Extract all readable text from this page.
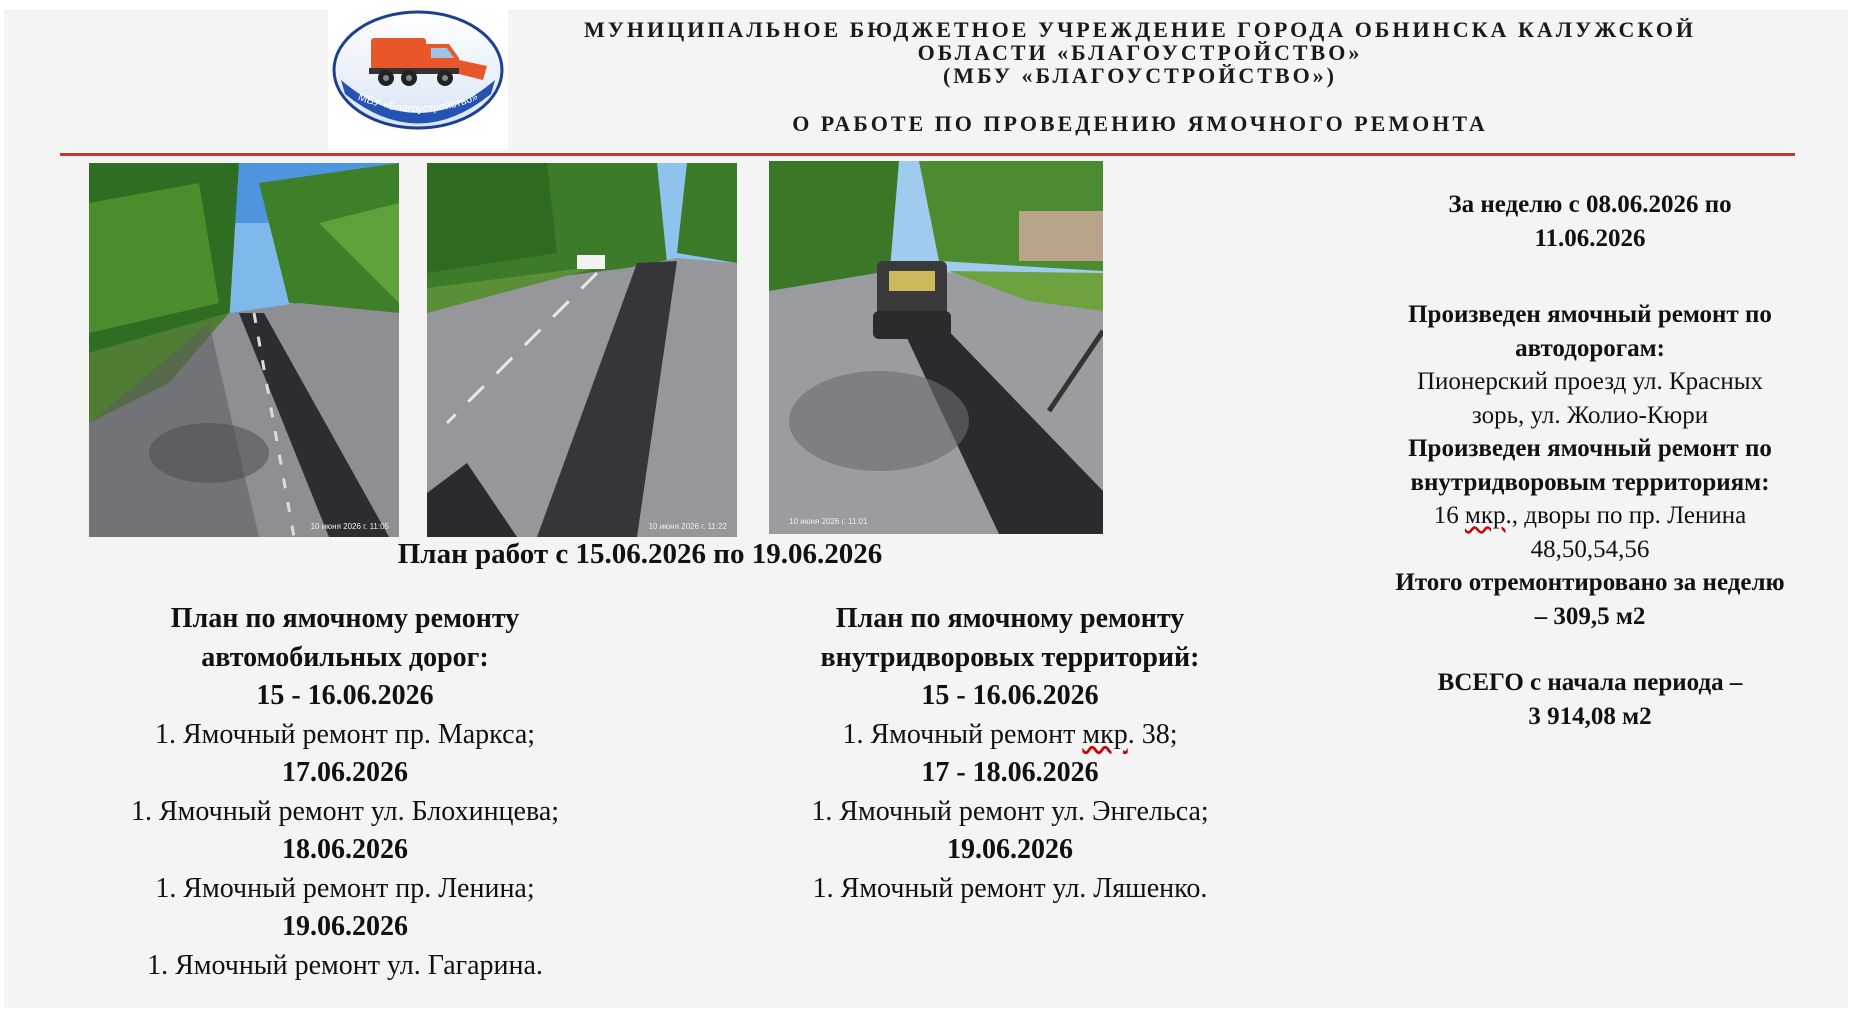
МБУ «Благоустройство»
МУНИЦИПАЛЬНОЕ БЮДЖЕТНОЕ УЧРЕЖДЕНИЕ ГОРОДА ОБНИНСКА КАЛУЖСКОЙ
ОБЛАСТИ «БЛАГОУСТРОЙСТВО»
(МБУ «БЛАГОУСТРОЙСТВО»)
О РАБОТЕ ПО ПРОВЕДЕНИЮ ЯМОЧНОГО РЕМОНТА
10 июня 2026 г. 11:05	10 июня 2026 г. 11:22
10 июня 2026 г. 11:01
План работ с 15.06.2026 по 19.06.2026
План по ямочному ремонту
автомобильных дорог:
15 - 16.06.2026
1. Ямочный ремонт пр. Маркса;
17.06.2026
1. Ямочный ремонт ул. Блохинцева;
18.06.2026
1. Ямочный ремонт пр. Ленина;
19.06.2026
1. Ямочный ремонт ул. Гагарина.
План по ямочному ремонту
внутридворовых территорий:
15 - 16.06.2026
1. Ямочный ремонт мкр. 38;
17 - 18.06.2026
1. Ямочный ремонт ул. Энгельса;
19.06.2026
1. Ямочный ремонт ул. Ляшенко.
За неделю с 08.06.2026 по
11.06.2026
Произведен ямочный ремонт по
автодорогам:
Пионерский проезд ул. Красных
зорь, ул. Жолио-Кюри
Произведен ямочный ремонт по
внутридворовым территориям:
16 мкр., дворы по пр. Ленина
48,50,54,56
Итого отремонтировано за неделю
– 309,5 м2
ВСЕГО с начала периода –
3 914,08 м2
